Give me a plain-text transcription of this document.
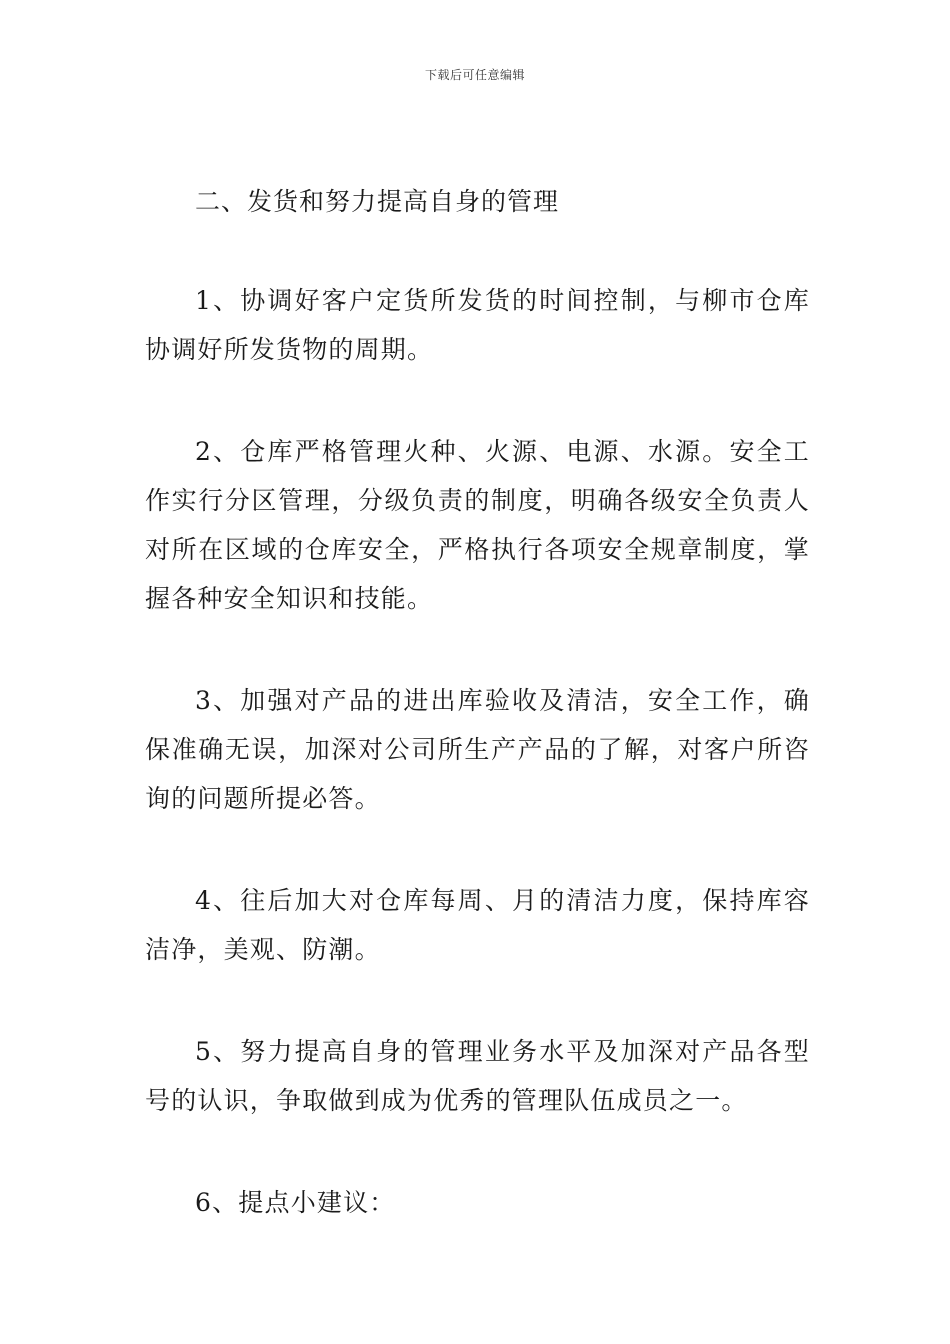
下载后可任意编辑

二、发货和努力提高自身的管理

1、协调好客户定货所发货的时间控制，与柳市仓库协调好所发货物的周期。

2、仓库严格管理火种、火源、电源、水源。安全工作实行分区管理，分级负责的制度，明确各级安全负责人对所在区域的仓库安全，严格执行各项安全规章制度，掌握各种安全知识和技能。

3、加强对产品的进出库验收及清洁，安全工作，确保准确无误，加深对公司所生产产品的了解，对客户所咨询的问题所提必答。

4、往后加大对仓库每周、月的清洁力度，保持库容洁净，美观、防潮。

5、努力提高自身的管理业务水平及加深对产品各型号的认识，争取做到成为优秀的管理队伍成员之一。

6、提点小建议：
